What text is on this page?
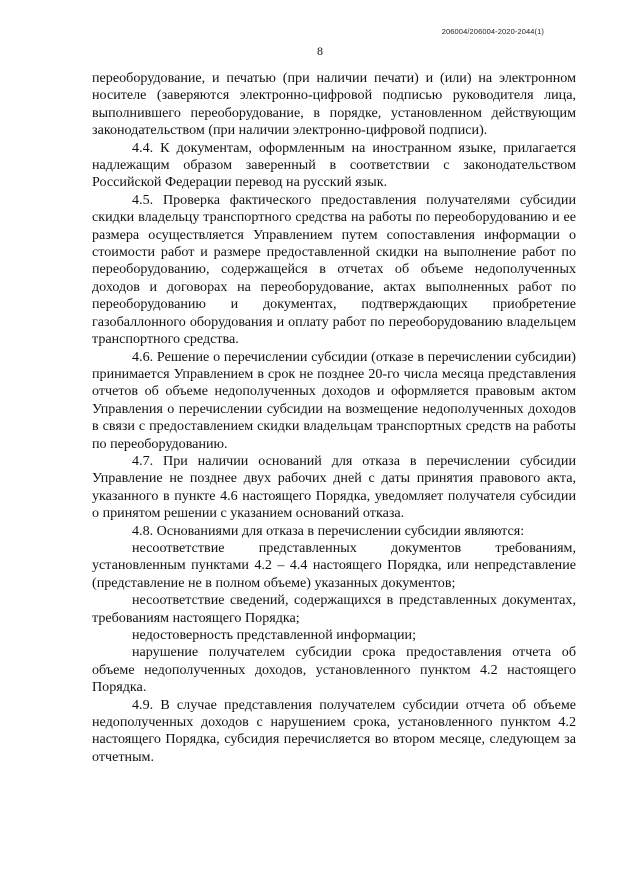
206004/206004-2020-2044(1)
8

переоборудование, и печатью (при наличии печати) и (или) на электронном носителе (заверяются электронно-цифровой подписью руководителя лица, выполнившего переоборудование, в порядке, установленном действующим законодательством (при наличии электронно-цифровой подписи).

4.4. К документам, оформленным на иностранном языке, прилагается надлежащим образом заверенный в соответствии с законодательством Российской Федерации перевод на русский язык.

4.5. Проверка фактического предоставления получателями субсидии скидки владельцу транспортного средства на работы по переоборудованию и ее размера осуществляется Управлением путем сопоставления информации о стоимости работ и размере предоставленной скидки на выполнение работ по переоборудованию, содержащейся в отчетах об объеме недополученных доходов и договорах на переоборудование, актах выполненных работ по переоборудованию и документах, подтверждающих приобретение газобаллонного оборудования и оплату работ по переоборудованию владельцем транспортного средства.

4.6. Решение о перечислении субсидии (отказе в перечислении субсидии) принимается Управлением в срок не позднее 20-го числа месяца представления отчетов об объеме недополученных доходов и оформляется правовым актом Управления о перечислении субсидии на возмещение недополученных доходов в связи с предоставлением скидки владельцам транспортных средств на работы по переоборудованию.

4.7. При наличии оснований для отказа в перечислении субсидии Управление не позднее двух рабочих дней с даты принятия правового акта, указанного в пункте 4.6 настоящего Порядка, уведомляет получателя субсидии о принятом решении с указанием оснований отказа.

4.8. Основаниями для отказа в перечислении субсидии являются:

несоответствие представленных документов требованиям, установленным пунктами 4.2 – 4.4 настоящего Порядка, или непредставление (представление не в полном объеме) указанных документов;

несоответствие сведений, содержащихся в представленных документах, требованиям настоящего Порядка;

недостоверность представленной информации;

нарушение получателем субсидии срока предоставления отчета об объеме недополученных доходов, установленного пунктом 4.2 настоящего Порядка.

4.9. В случае представления получателем субсидии отчета об объеме недополученных доходов с нарушением срока, установленного пунктом 4.2 настоящего Порядка, субсидия перечисляется во втором месяце, следующем за отчетным.
